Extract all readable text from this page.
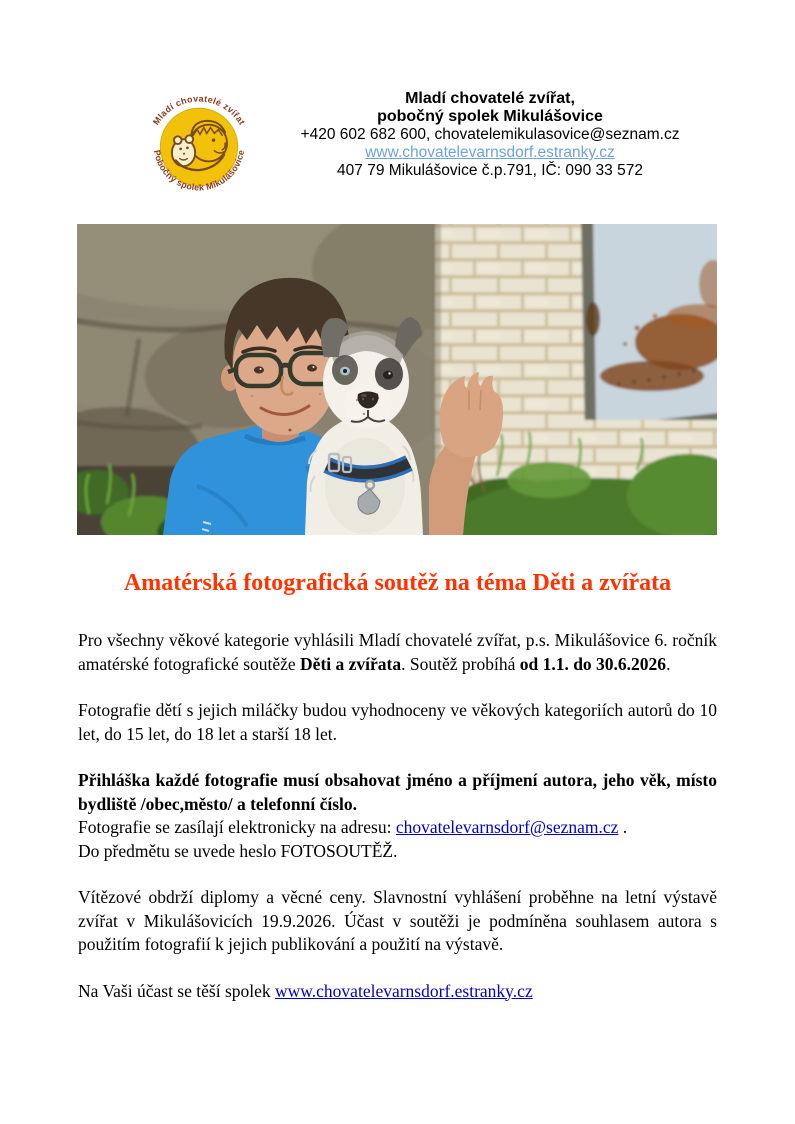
Mladí chovatelé zvířat
Pobočný spolek Mikulášovice
Mladí chovatelé zvířat,
pobočný spolek Mikulášovice
+420 602 682 600, chovatelemikulasovice@seznam.cz
www.chovatelevarnsdorf.estranky.cz
407 79 Mikulášovice č.p.791, IČ: 090 33 572
Amatérská fotografická soutěž na téma Děti a zvířata

Pro všechny věkové kategorie vyhlásili Mladí chovatelé zvířat, p.s. Mikulášovice 6. ročník amatérské fotografické soutěže Děti a zvířata. Soutěž probíhá od 1.1. do 30.6.2026.

Fotografie dětí s jejich miláčky budou vyhodnoceny ve věkových kategoriích autorů do 10 let, do 15 let, do 18 let a starší 18 let.

Přihláška každé fotografie musí obsahovat jméno a příjmení autora, jeho věk, místo bydliště /obec,město/ a telefonní číslo.
Fotografie se zasílají elektronicky na adresu: chovatelevarnsdorf@seznam.cz .
Do předmětu se uvede heslo FOTOSOUTĚŽ.

Vítězové obdrží diplomy a věcné ceny. Slavnostní vyhlášení proběhne na letní výstavě zvířat v Mikulášovicích 19.9.2026. Účast v soutěži je podmíněna souhlasem autora s použitím fotografií k jejich publikování a použití na výstavě.

Na Vaši účast se těší spolek www.chovatelevarnsdorf.estranky.cz
